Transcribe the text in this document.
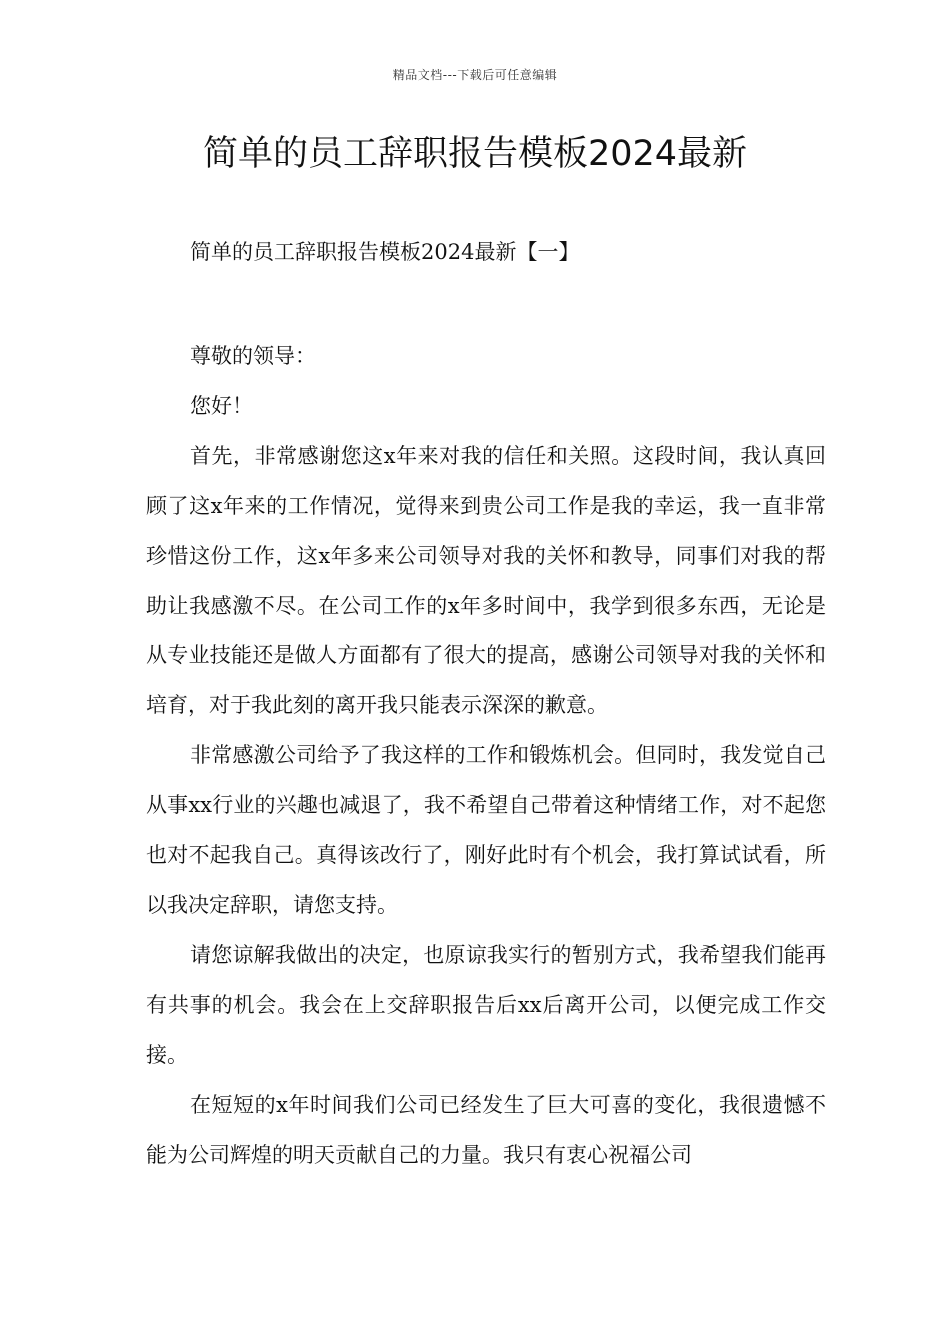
精品文档---下载后可任意编辑
简单的员工辞职报告模板2024最新

简单的员工辞职报告模板2024最新【一】

尊敬的领导：

您好！

首先，非常感谢您这x年来对我的信任和关照。这段时间，我认真回顾了这x年来的工作情况，觉得来到贵公司工作是我的幸运，我一直非常珍惜这份工作，这x年多来公司领导对我的关怀和教导，同事们对我的帮助让我感激不尽。在公司工作的x年多时间中，我学到很多东西，无论是从专业技能还是做人方面都有了很大的提高，感谢公司领导对我的关怀和培育，对于我此刻的离开我只能表示深深的歉意。

非常感激公司给予了我这样的工作和锻炼机会。但同时，我发觉自己从事xx行业的兴趣也减退了，我不希望自己带着这种情绪工作，对不起您也对不起我自己。真得该改行了，刚好此时有个机会，我打算试试看，所以我决定辞职，请您支持。

请您谅解我做出的决定，也原谅我实行的暂别方式，我希望我们能再有共事的机会。我会在上交辞职报告后xx后离开公司，以便完成工作交接。

在短短的x年时间我们公司已经发生了巨大可喜的变化，我很遗憾不能为公司辉煌的明天贡献自己的力量。我只有衷心祝福公司
